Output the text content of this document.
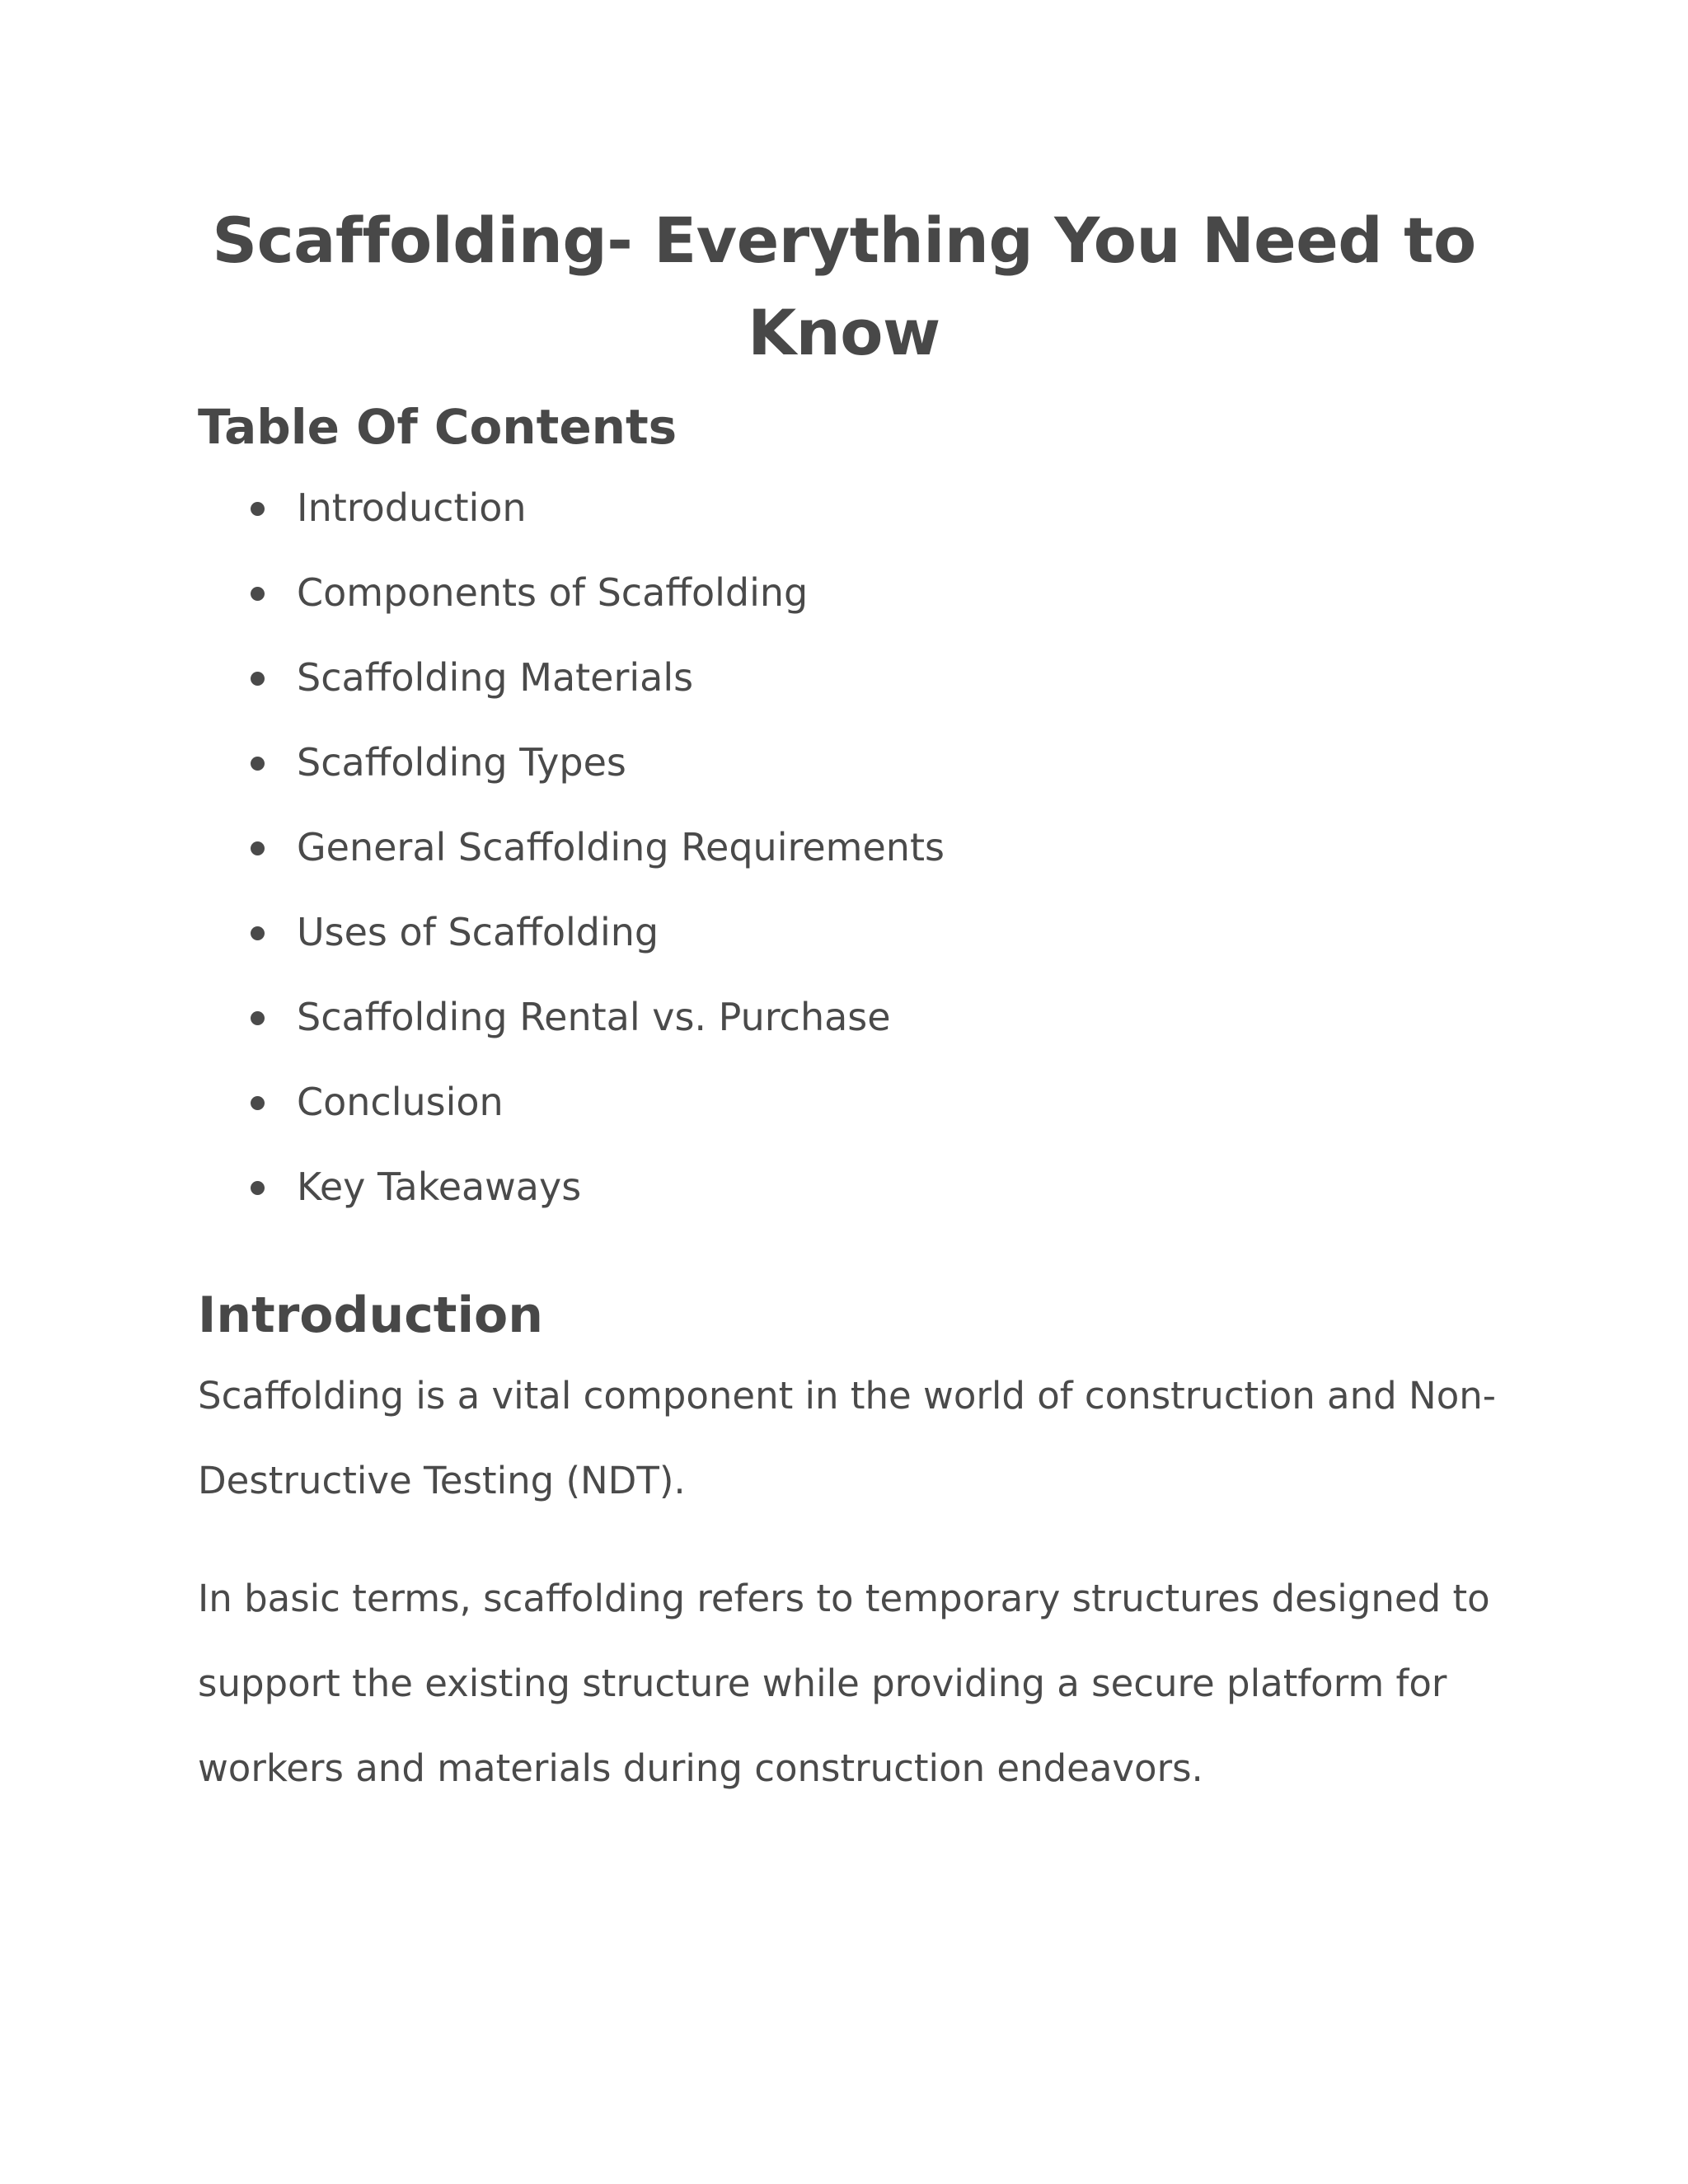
Scaffolding- Everything You Need to Know
Table Of Contents
Introduction
Components of Scaffolding
Scaffolding Materials
Scaffolding Types
General Scaffolding Requirements
Uses of Scaffolding
Scaffolding Rental vs. Purchase
Conclusion
Key Takeaways
Introduction

Scaffolding is a vital component in the world of construction and Non-Destructive Testing (NDT).

In basic terms, scaffolding refers to temporary structures designed to support the existing structure while providing a secure platform for workers and materials during construction endeavors.
